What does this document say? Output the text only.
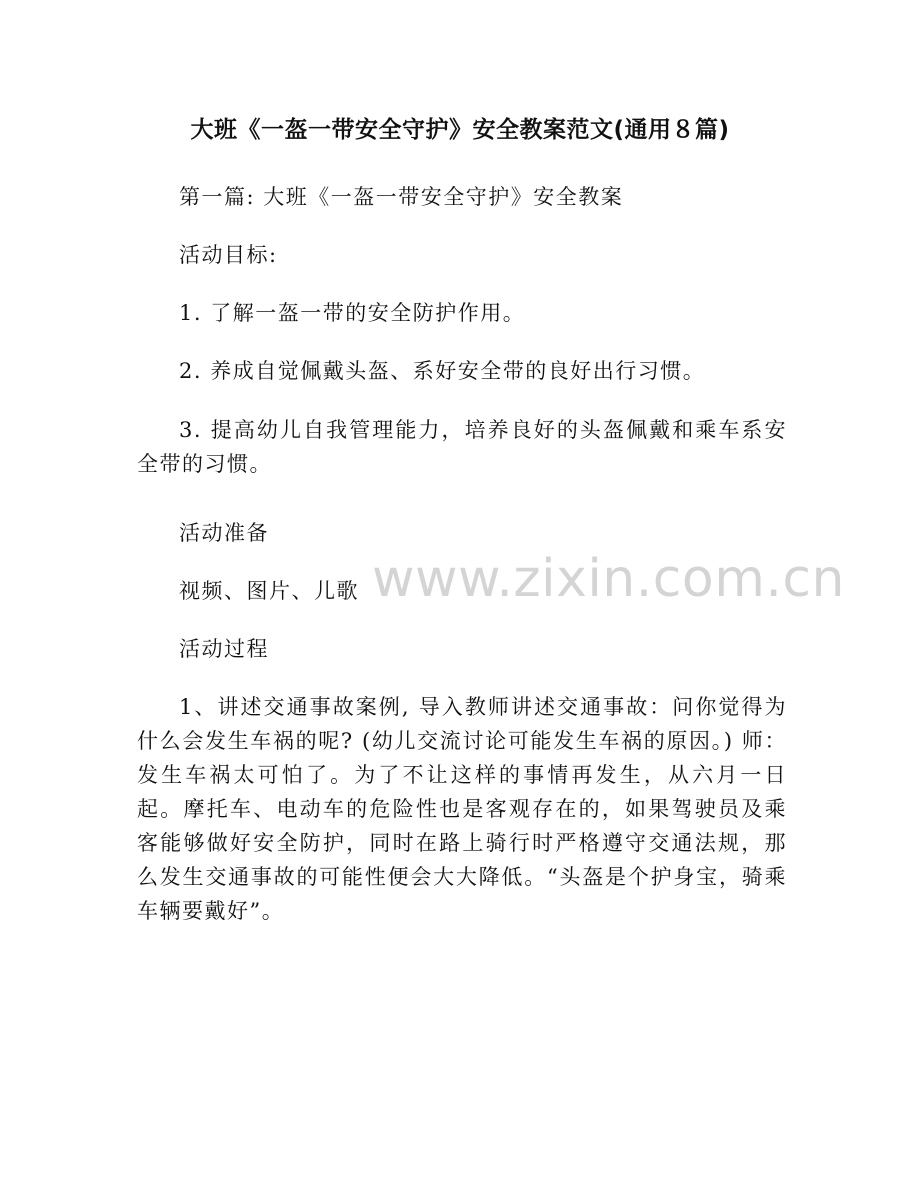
大班《一盔一带安全守护》安全教案范文(通用８篇)

第一篇: 大班《一盔一带安全守护》安全教案

活动目标:

1. 了解一盔一带的安全防护作用。

2. 养成自觉佩戴头盔、系好安全带的良好出行习惯。

3. 提高幼儿自我管理能力，培养良好的头盔佩戴和乘车系安全带的习惯。

活动准备

视频、图片、儿歌

活动过程

1、讲述交通事故案例, 导入教师讲述交通事故：问你觉得为什么会发生车祸的呢? (幼儿交流讨论可能发生车祸的原因。) 师：发生车祸太可怕了。为了不让这样的事情再发生，从六月一日起。摩托车、电动车的危险性也是客观存在的，如果驾驶员及乘客能够做好安全防护，同时在路上骑行时严格遵守交通法规，那么发生交通事故的可能性便会大大降低。“头盔是个护身宝，骑乘车辆要戴好”。

www.zixin.com.cn
